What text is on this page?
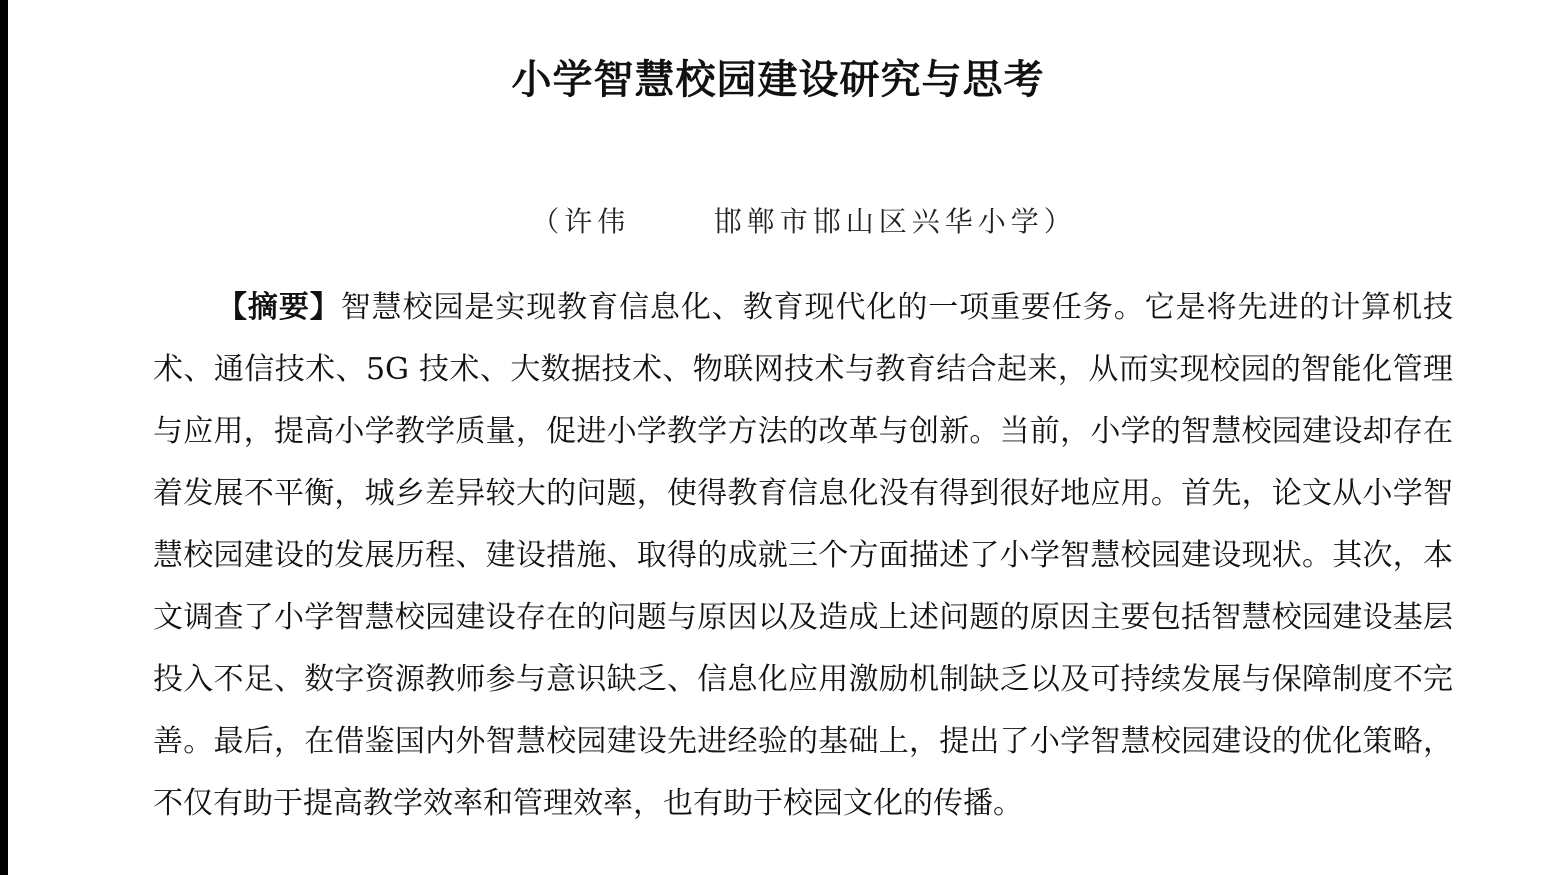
小学智慧校园建设研究与思考
（许伟      邯郸市邯山区兴华小学）

【摘要】智慧校园是实现教育信息化、教育现代化的一项重要任务。它是将先进的计算机技术、通信技术、5G 技术、大数据技术、物联网技术与教育结合起来，从而实现校园的智能化管理与应用，提高小学教学质量，促进小学教学方法的改革与创新。当前，小学的智慧校园建设却存在着发展不平衡，城乡差异较大的问题，使得教育信息化没有得到很好地应用。首先，论文从小学智慧校园建设的发展历程、建设措施、取得的成就三个方面描述了小学智慧校园建设现状。其次，本文调查了小学智慧校园建设存在的问题与原因以及造成上述问题的原因主要包括智慧校园建设基层投入不足、数字资源教师参与意识缺乏、信息化应用激励机制缺乏以及可持续发展与保障制度不完善。最后，在借鉴国内外智慧校园建设先进经验的基础上，提出了小学智慧校园建设的优化策略，不仅有助于提高教学效率和管理效率，也有助于校园文化的传播。
